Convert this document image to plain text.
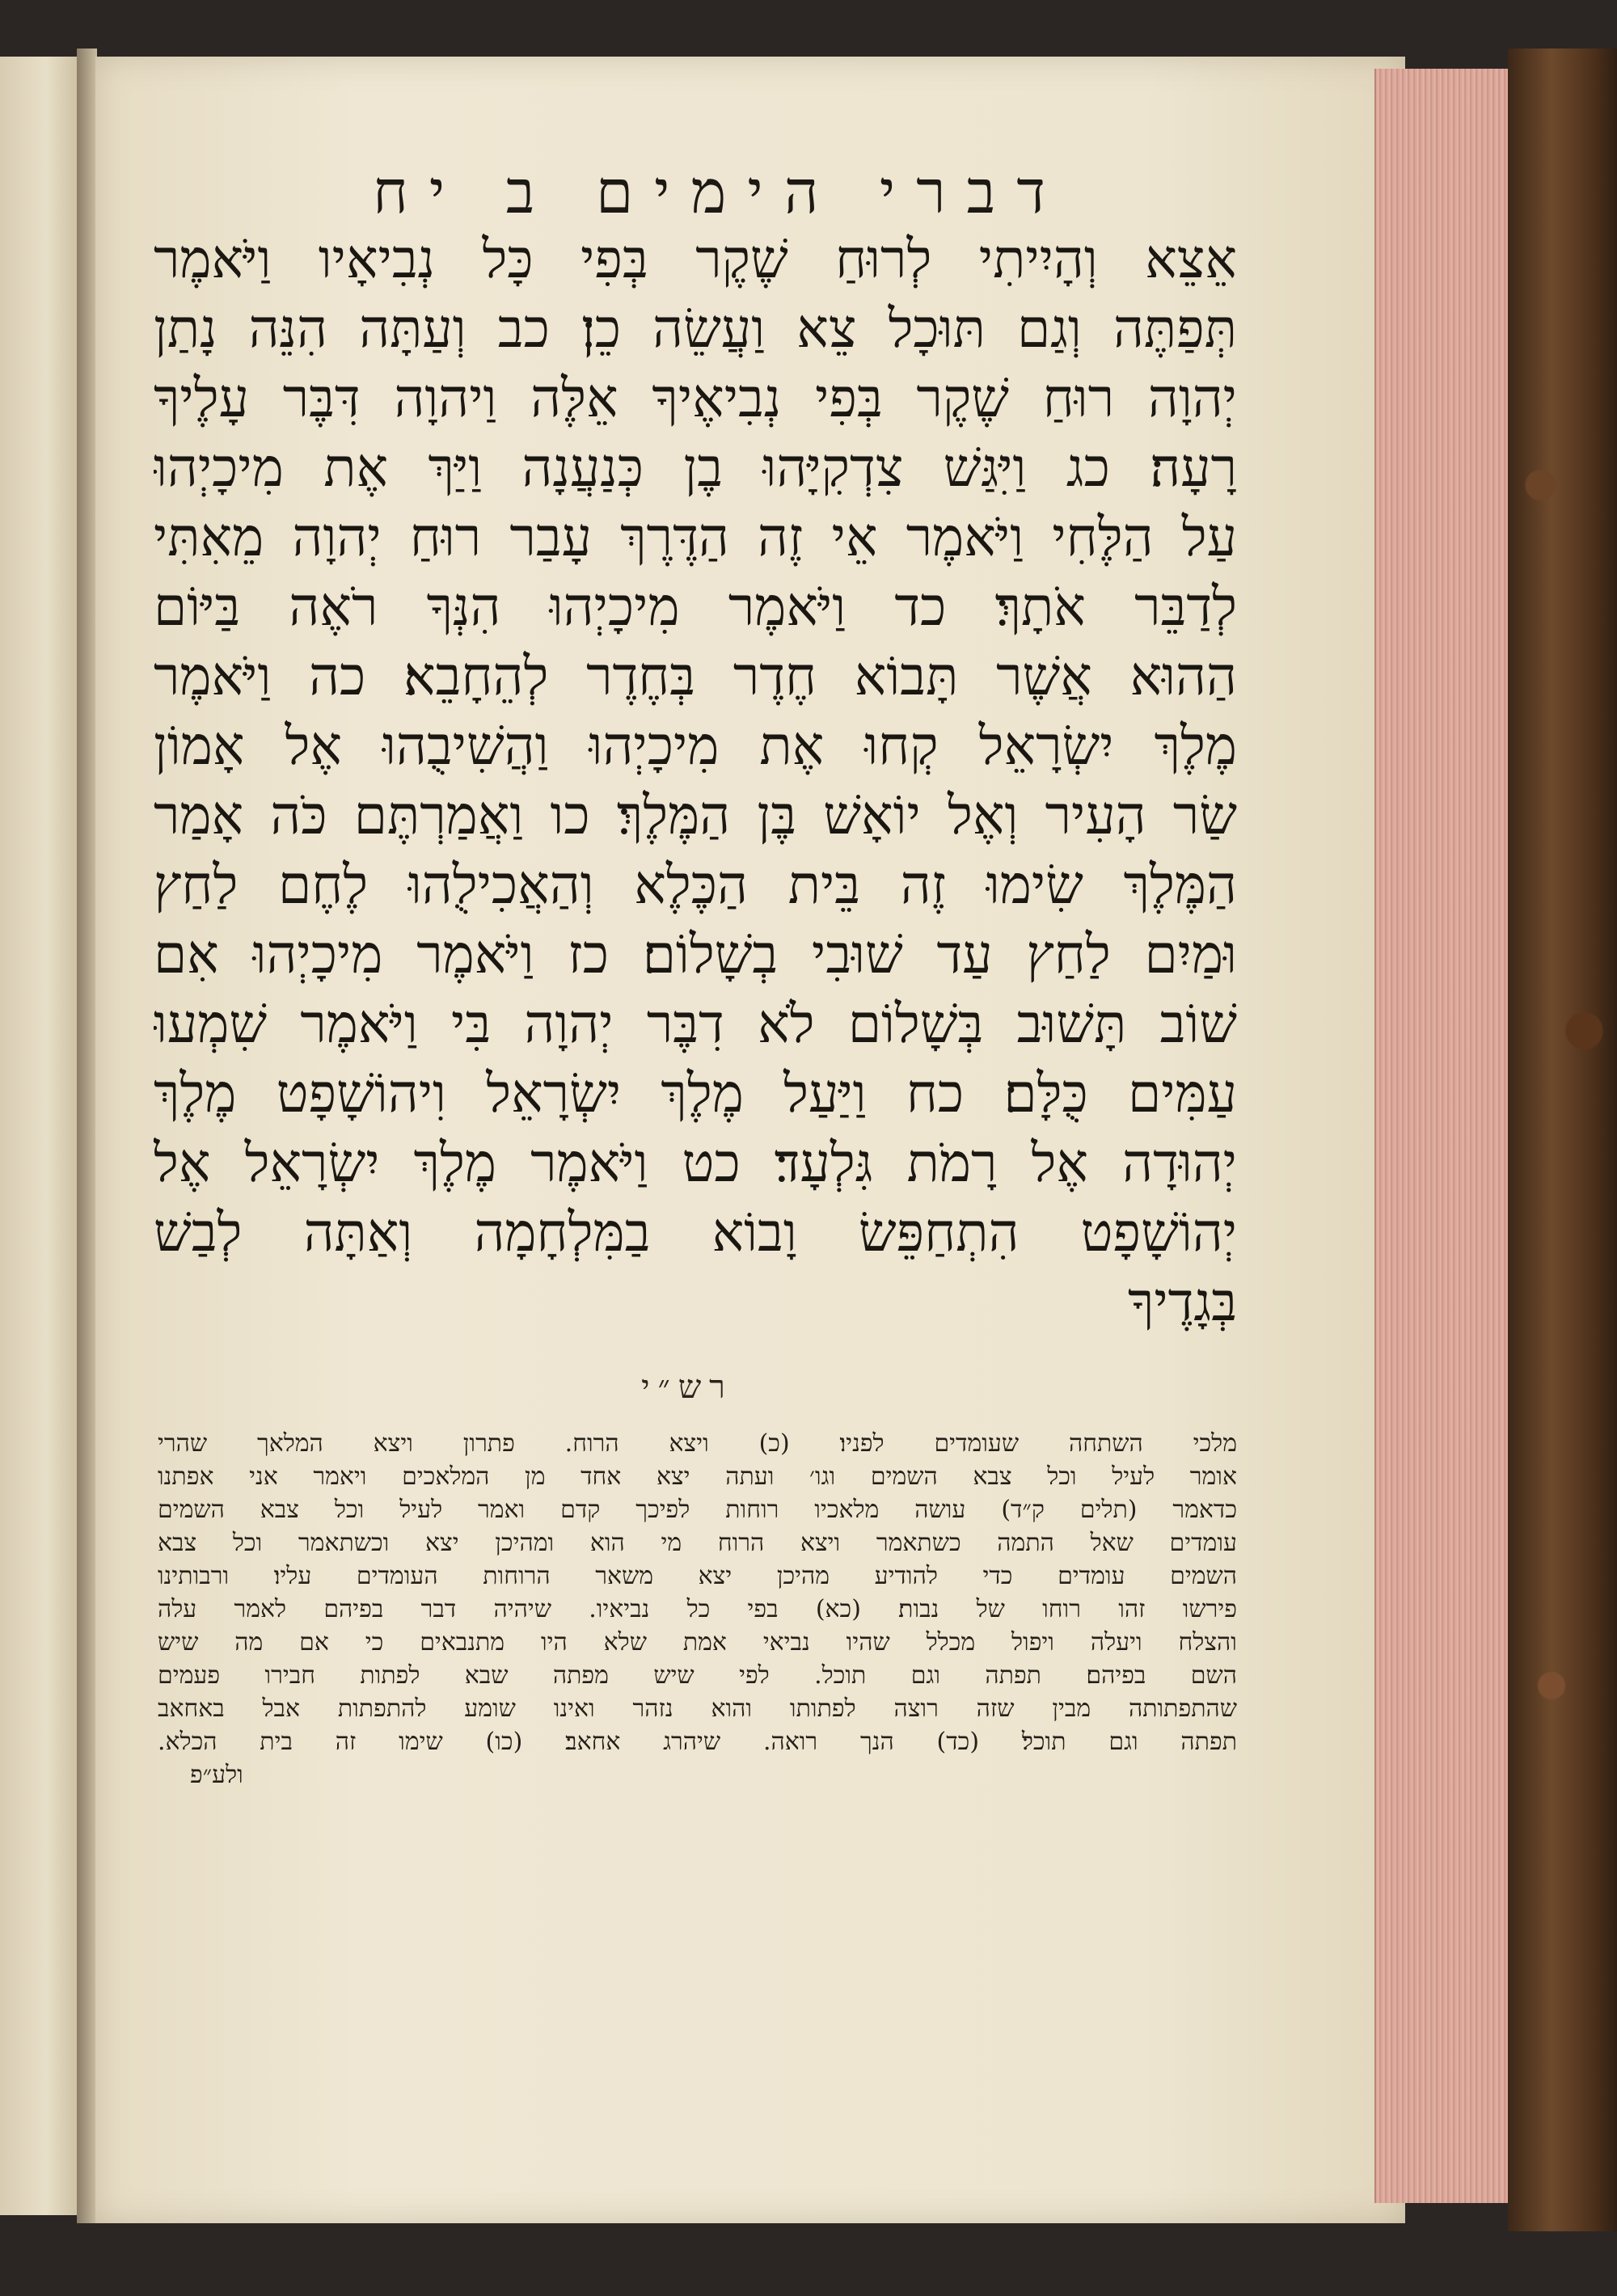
דברי הימים ב יח
אֵצֵא וְהָיִיתִי לְרוּחַ שֶׁקֶר בְּפִי כָּל נְבִיאָיו וַיֹּאמֶר
תְּפַתֶּה וְגַם תּוּכָל צֵא וַעֲשֵׂה כֵן׃ כב וְעַתָּה הִנֵּה נָתַן
יְהוָה רוּחַ שֶׁקֶר בְּפִי נְבִיאֶיךָ אֵלֶּה וַיהוָה דִּבֶּר עָלֶיךָ
רָעָה׃ כג וַיִּגַּשׁ צִדְקִיָּהוּ בֶן כְּנַעֲנָה וַיַּךְ אֶת מִיכָיְהוּ
עַל הַלֶּחִי וַיֹּאמֶר אֵי זֶה הַדֶּרֶךְ עָבַר רוּחַ יְהוָה מֵאִתִּי
לְדַבֵּר אֹתָךְ׃ כד וַיֹּאמֶר מִיכָיְהוּ הִנְּךָ רֹאֶה בַּיּוֹם
הַהוּא אֲשֶׁר תָּבוֹא חֶדֶר בְּחֶדֶר לְהֵחָבֵא׃ כה וַיֹּאמֶר
מֶלֶךְ יִשְׂרָאֵל קְחוּ אֶת מִיכָיְהוּ וַהֲשִׁיבֻהוּ אֶל אָמוֹן
שַׂר הָעִיר וְאֶל יוֹאָשׁ בֶּן הַמֶּלֶךְ׃ כו וַאֲמַרְתֶּם כֹּה אָמַר
הַמֶּלֶךְ שִׂימוּ זֶה בֵּית הַכֶּלֶא וְהַאֲכִילֻהוּ לֶחֶם לַחַץ
וּמַיִם לַחַץ עַד שׁוּבִי בְשָׁלוֹם׃ כז וַיֹּאמֶר מִיכָיְהוּ אִם
שׁוֹב תָּשׁוּב בְּשָׁלוֹם לֹא דִבֶּר יְהוָה בִּי וַיֹּאמֶר שִׁמְעוּ
עַמִּים כֻּלָּם׃ כח וַיַּעַל מֶלֶךְ יִשְׂרָאֵל וִיהוֹשָׁפָט מֶלֶךְ
יְהוּדָה אֶל רָמֹת גִּלְעָד׃ כט וַיֹּאמֶר מֶלֶךְ יִשְׂרָאֵל אֶל
יְהוֹשָׁפָט הִתְחַפֵּשׂ וָבוֹא בַמִּלְחָמָה וְאַתָּה לְבַשׁ
בְּגָדֶיךָ
רש״י
מלכי השתחה שעומדים לפניו׃ (כ) ויצא הרוח. פתרון ויצא המלאך שהרי
אומר לעיל וכל צבא השמים וגו׳ ועתה יצא אחד מן המלאכים ויאמר אני אפתנו
כדאמר (תלים ק״ד) עושה מלאכיו רוחות לפיכך קדם ואמר לעיל וכל צבא השמים
עומדים שאל התמה כשתאמר ויצא הרוח מי הוא ומהיכן יצא וכשתאמר וכל צבא
השמים עומדים כדי להודיע מהיכן יצא משאר הרוחות העומדים עליו׃ ורבותינו
פירשו זהו רוחו של נבות׃ (כא) בפי כל נביאיו. שיהיה דבר בפיהם לאמר עלה
והצלח ויעלה ויפול מכלל שהיו נביאי אמת שלא היו מתנבאים כי אם מה שיש
השם בפיהם׃ תפתה וגם תוכל. לפי שיש מפתה שבא לפתות חבירו פעמים
שהתפתותה מבין שזה רוצה לפתותו והוא נזהר ואינו שומע להתפתות אבל באחאב
תפתה וגם תוכל׃ (כד) הנך רואה. שיהרג אחאב׃ (כו) שימו זה בית הכלא.
ולע״פ
